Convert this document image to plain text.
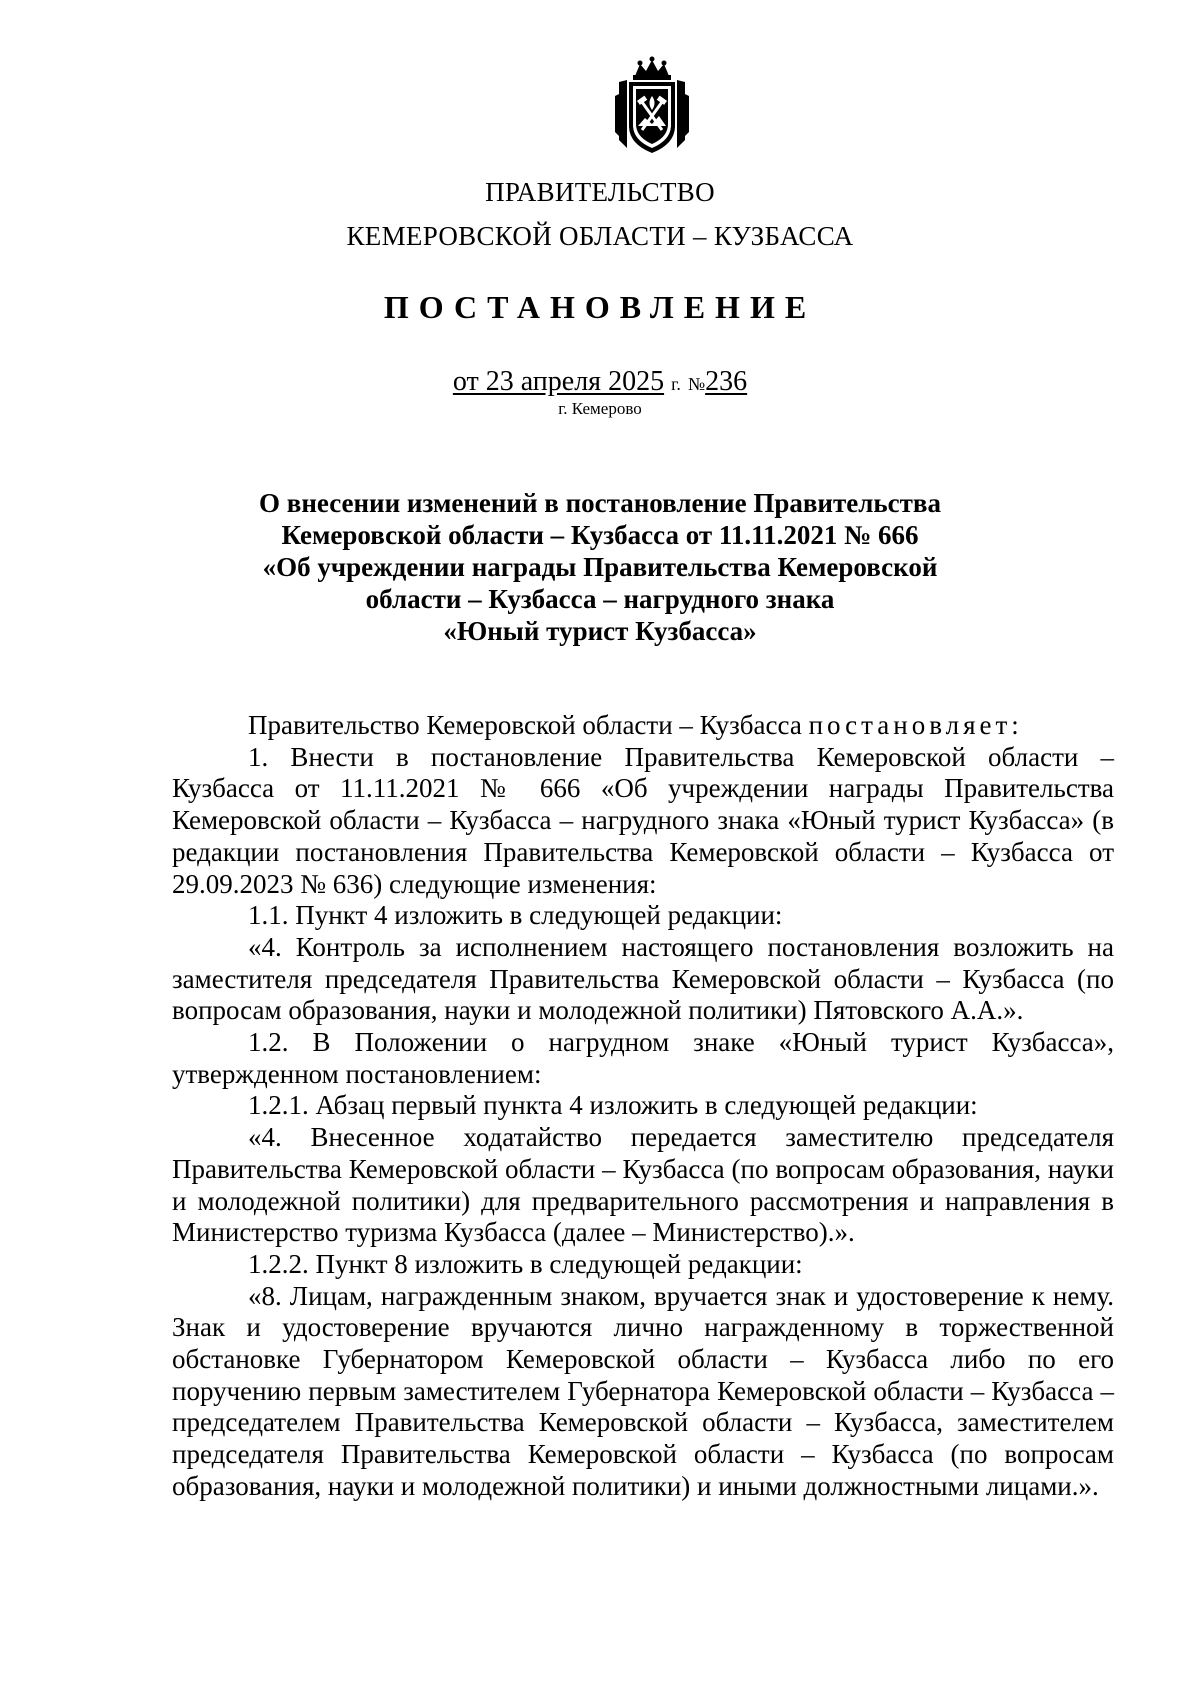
ПРАВИТЕЛЬСТВО
КЕМЕРОВСКОЙ ОБЛАСТИ – КУЗБАССА
ПОСТАНОВЛЕНИЕ
от 23 апреля 2025 г. №236
г. Кемерово
О внесении изменений в постановление Правительства
Кемеровской области – Кузбасса от 11.11.2021 № 666
«Об учреждении награды Правительства Кемеровской
области – Кузбасса – нагрудного знака
«Юный турист Кузбасса»

Правительство Кемеровской области – Кузбасса постановляет:

1. Внести в постановление Правительства Кемеровской области – Кузбасса от 11.11.2021 № 666 «Об учреждении награды Правительства Кемеровской области – Кузбасса – нагрудного знака «Юный турист Кузбасса» (в редакции постановления Правительства Кемеровской области – Кузбасса от 29.09.2023 № 636) следующие изменения:

1.1. Пункт 4 изложить в следующей редакции:

«4. Контроль за исполнением настоящего постановления возложить на заместителя председателя Правительства Кемеровской области – Кузбасса (по вопросам образования, науки и молодежной политики) Пятовского А.А.».

1.2. В Положении о нагрудном знаке «Юный турист Кузбасса», утвержденном постановлением:

1.2.1. Абзац первый пункта 4 изложить в следующей редакции:

«4. Внесенное ходатайство передается заместителю председателя Правительства Кемеровской области – Кузбасса (по вопросам образования, науки и молодежной политики) для предварительного рассмотрения и направления в Министерство туризма Кузбасса (далее – Министерство).».

1.2.2. Пункт 8 изложить в следующей редакции:

«8. Лицам, награжденным знаком, вручается знак и удостоверение к нему. Знак и удостоверение вручаются лично награжденному в торжественной обстановке Губернатором Кемеровской области – Кузбасса либо по его поручению первым заместителем Губернатора Кемеровской области – Кузбасса – председателем Правительства Кемеровской области – Кузбасса, заместителем председателя Правительства Кемеровской области – Кузбасса (по вопросам образования, науки и молодежной политики) и иными должностными лицами.».
